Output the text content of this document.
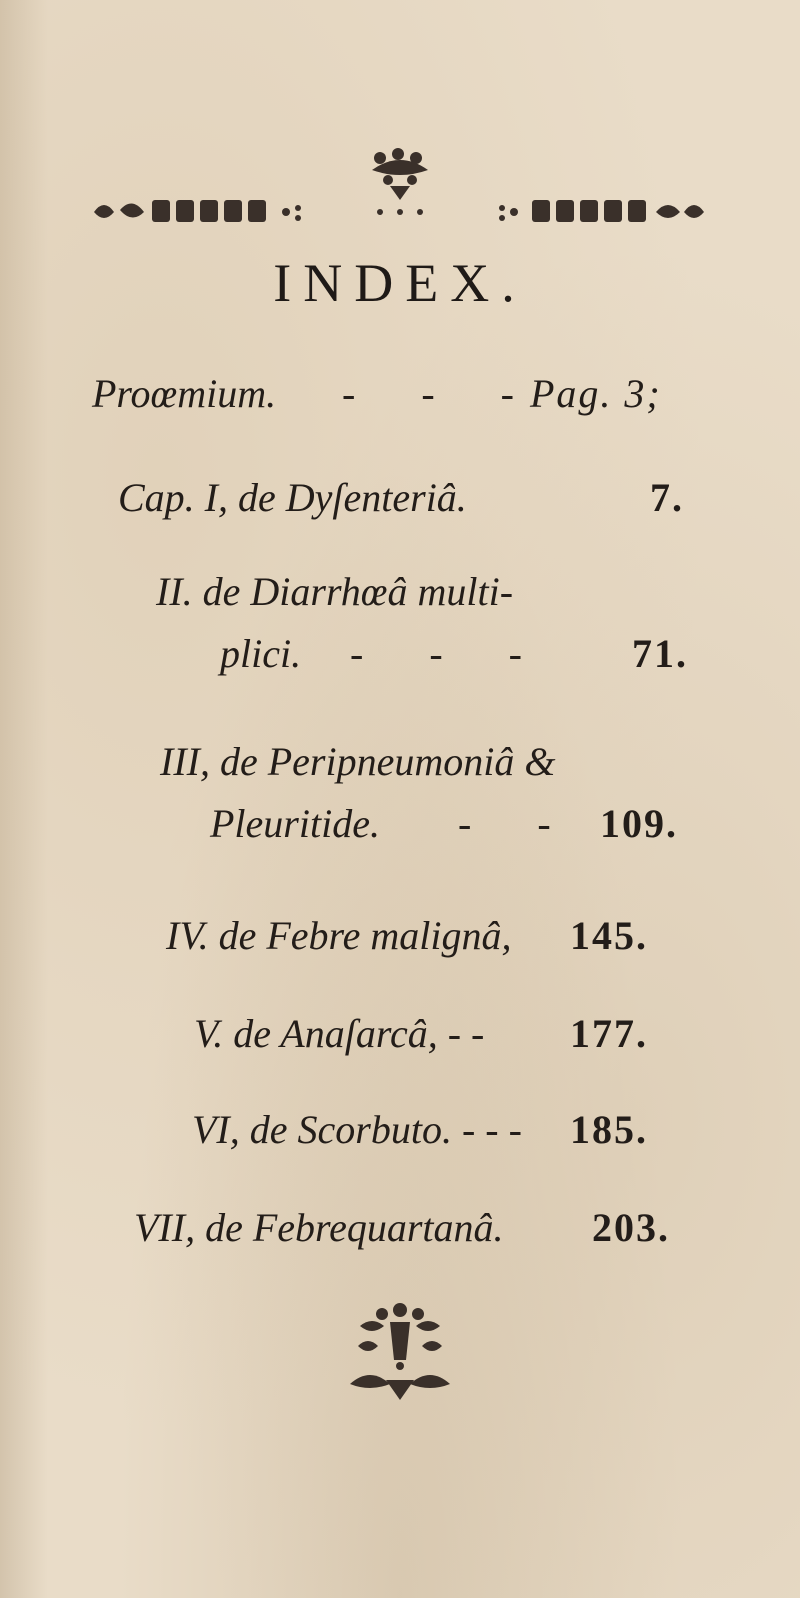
INDEX.
Proœmium. - - -
Pag. 3;
Cap. I, de Dyſenteriâ.	7.
II. de Diarrhœâ multi-
plici. - - - 71.
III, de Peripneumoniâ &
Pleuritide. - - 109.
IV. de Febre malignâ, 145.
V. de Anaſarcâ, - - 177.
VI, de Scorbuto. - - - 185.
VII, de Febrequartanâ. 203.
